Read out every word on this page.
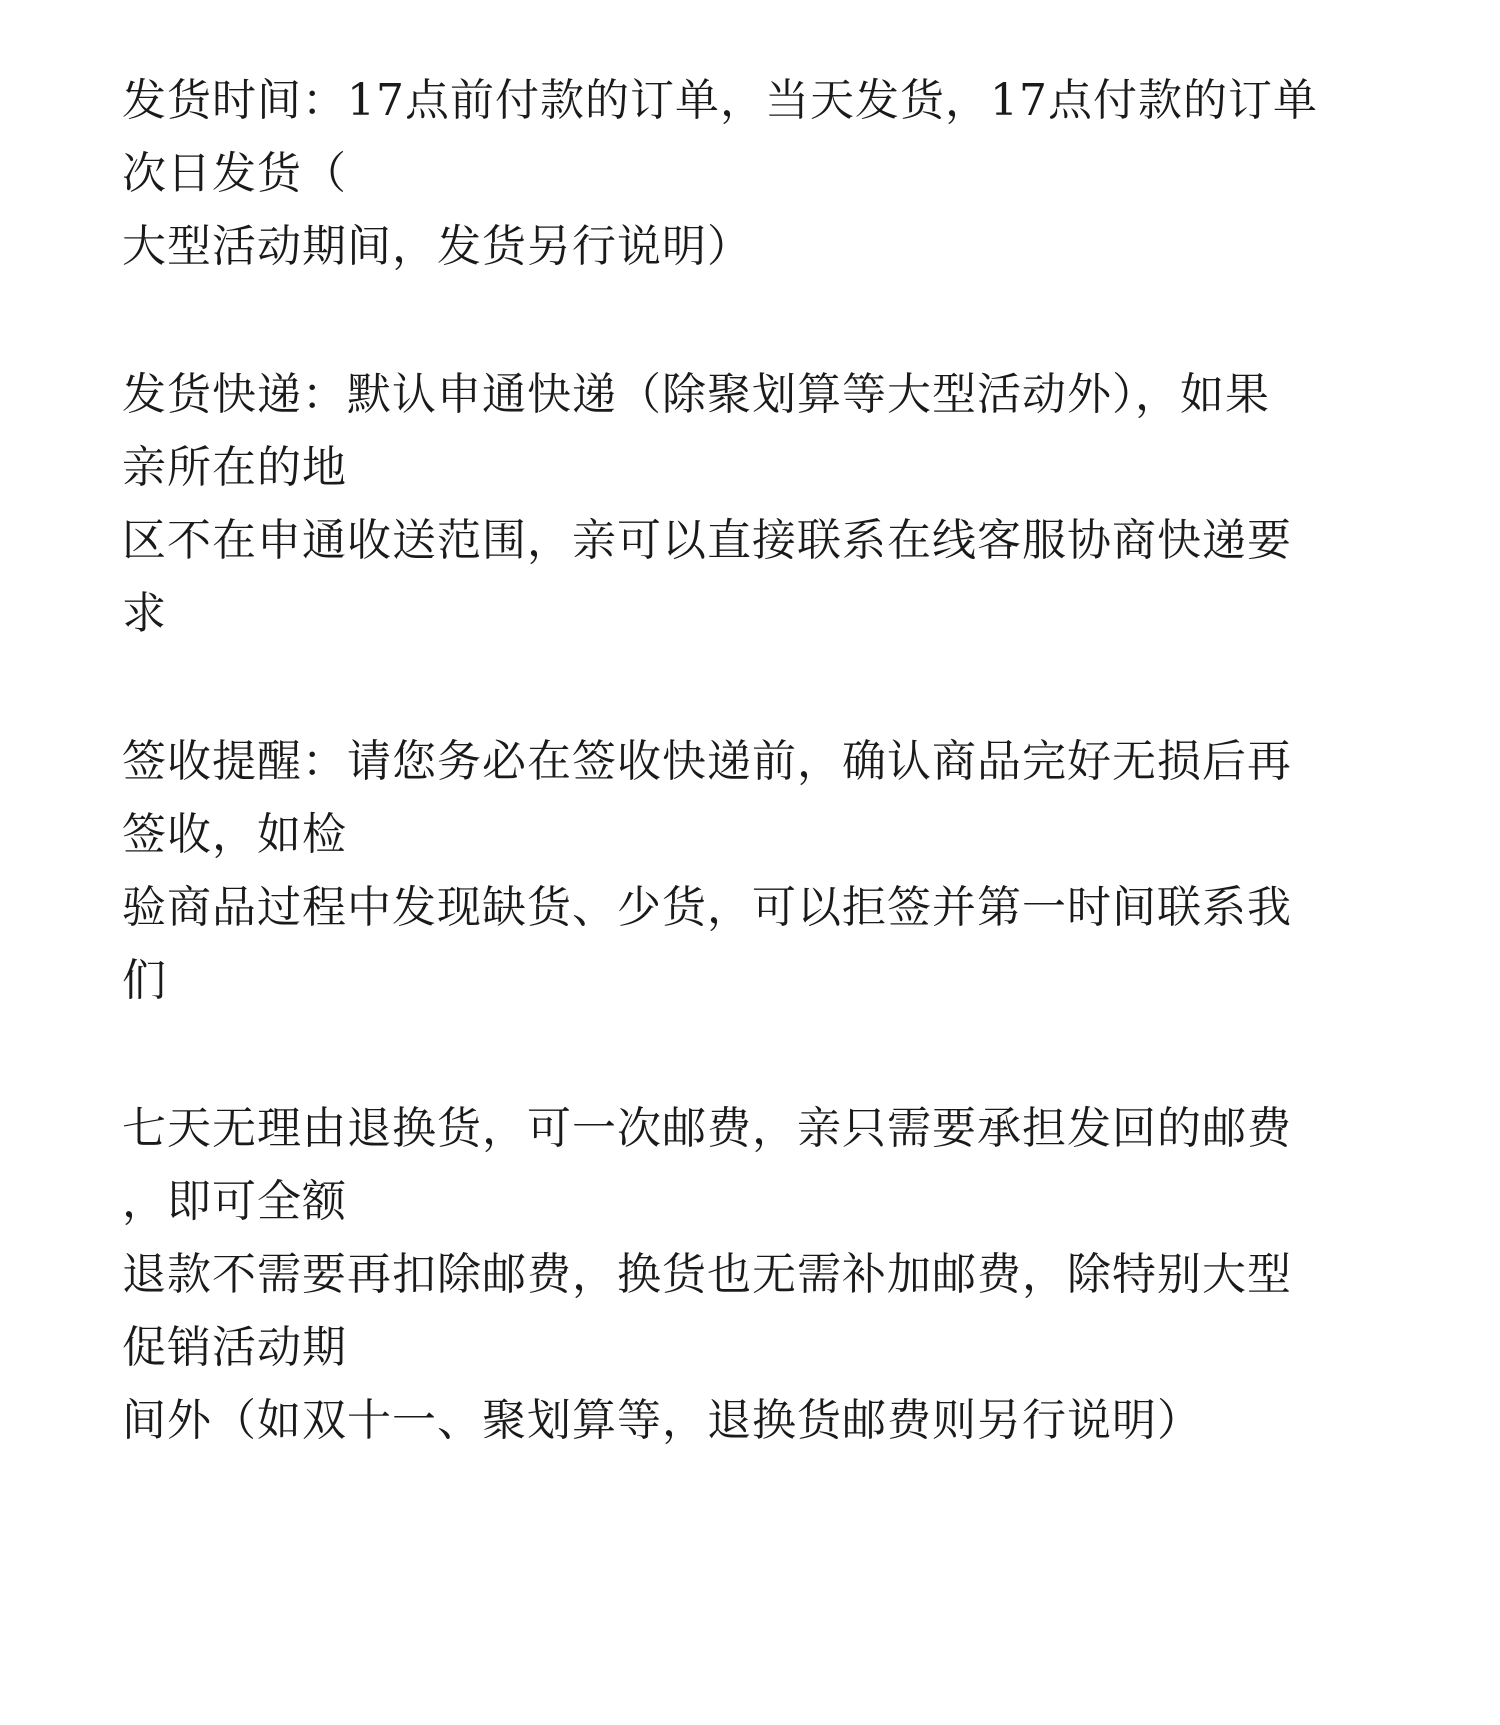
发货时间：17点前付款的订单，当天发货，17点付款的订单
次日发货（
大型活动期间，发货另行说明）
发货快递：默认申通快递（除聚划算等大型活动外），如果
亲所在的地
区不在申通收送范围，亲可以直接联系在线客服协商快递要
求
签收提醒：请您务必在签收快递前，确认商品完好无损后再
签收，如检
验商品过程中发现缺货、少货，可以拒签并第一时间联系我
们
七天无理由退换货，可一次邮费，亲只需要承担发回的邮费
，即可全额
退款不需要再扣除邮费，换货也无需补加邮费，除特别大型
促销活动期
间外（如双十一、聚划算等，退换货邮费则另行说明）
